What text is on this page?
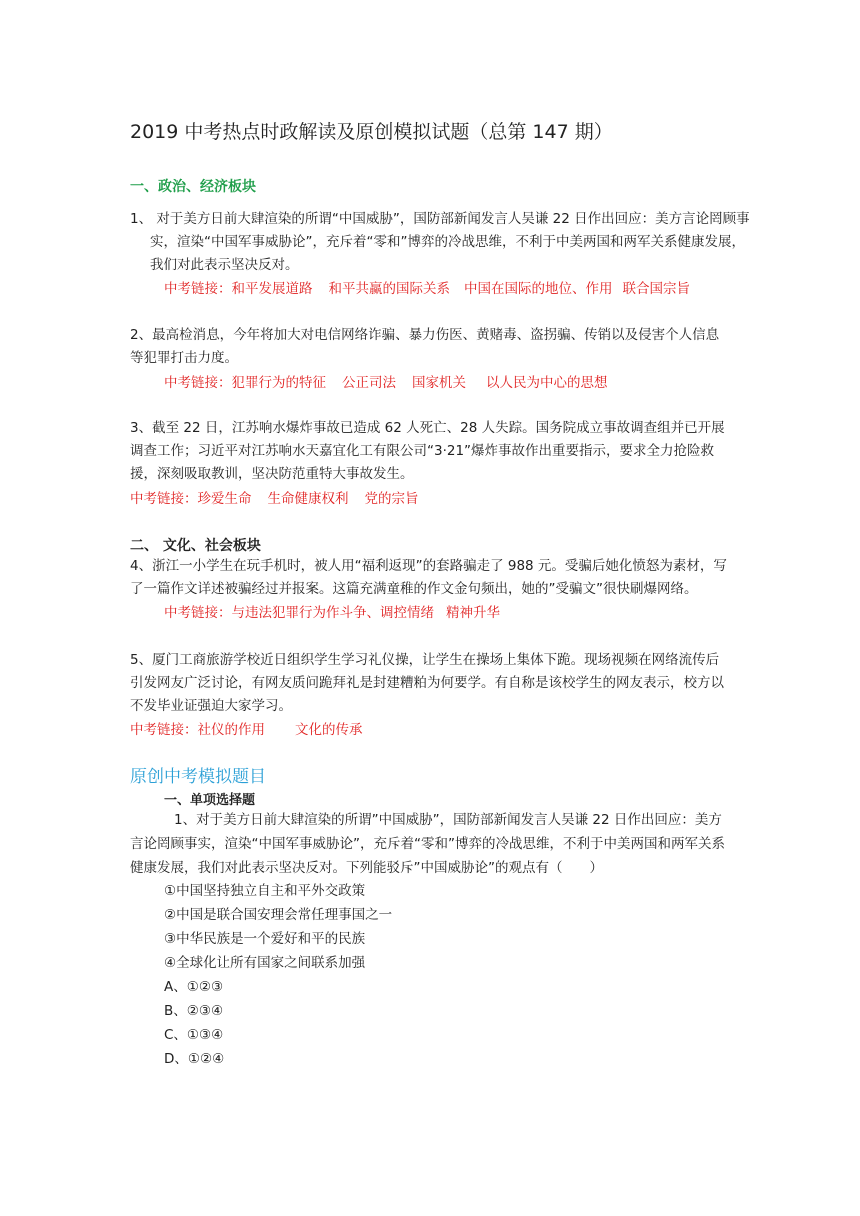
2019 中考热点时政解读及原创模拟试题（总第 147 期）
一、政治、经济板块
1、 对于美方日前大肆渲染的所谓“中国威胁”，国防部新闻发言人吴谦 22 日作出回应：美方言论罔顾事实，渲染“中国军事威胁论”，充斥着“零和”博弈的冷战思维，不利于中美两国和两军关系健康发展，我们对此表示坚决反对。
中考链接：和平发展道路 和平共赢的国际关系 中国在国际的地位、作用 联合国宗旨
2、最高检消息，今年将加大对电信网络诈骗、暴力伤医、黄赌毒、盗拐骗、传销以及侵害个人信息等犯罪打击力度。
中考链接：犯罪行为的特征 公正司法 国家机关 以人民为中心的思想
3、截至 22 日，江苏响水爆炸事故已造成 62 人死亡、28 人失踪。国务院成立事故调查组并已开展调查工作；习近平对江苏响水天嘉宜化工有限公司“3·21”爆炸事故作出重要指示，要求全力抢险救援，深刻吸取教训，坚决防范重特大事故发生。
中考链接：珍爱生命 生命健康权利 党的宗旨
二、 文化、社会板块
4、浙江一小学生在玩手机时，被人用“福利返现”的套路骗走了 988 元。受骗后她化愤怒为素材，写了一篇作文详述被骗经过并报案。这篇充满童稚的作文金句频出，她的”受骗文”很快刷爆网络。
中考链接：与违法犯罪行为作斗争、调控情绪 精神升华
5、厦门工商旅游学校近日组织学生学习礼仪操，让学生在操场上集体下跪。现场视频在网络流传后引发网友广泛讨论，有网友质问跪拜礼是封建糟粕为何要学。有自称是该校学生的网友表示，校方以不发毕业证强迫大家学习。
中考链接：社仪的作用 文化的传承
原创中考模拟题目
一、单项选择题
1、对于美方日前大肆渲染的所谓”中国威胁”，国防部新闻发言人吴谦 22 日作出回应：美方言论罔顾事实，渲染“中国军事威胁论”，充斥着“零和”博弈的冷战思维，不利于中美两国和两军关系健康发展，我们对此表示坚决反对。下列能驳斥”中国威胁论”的观点有（　　）
①中国坚持独立自主和平外交政策
②中国是联合国安理会常任理事国之一
③中华民族是一个爱好和平的民族
④全球化让所有国家之间联系加强
A、①②③
B、②③④
C、①③④
D、①②④
